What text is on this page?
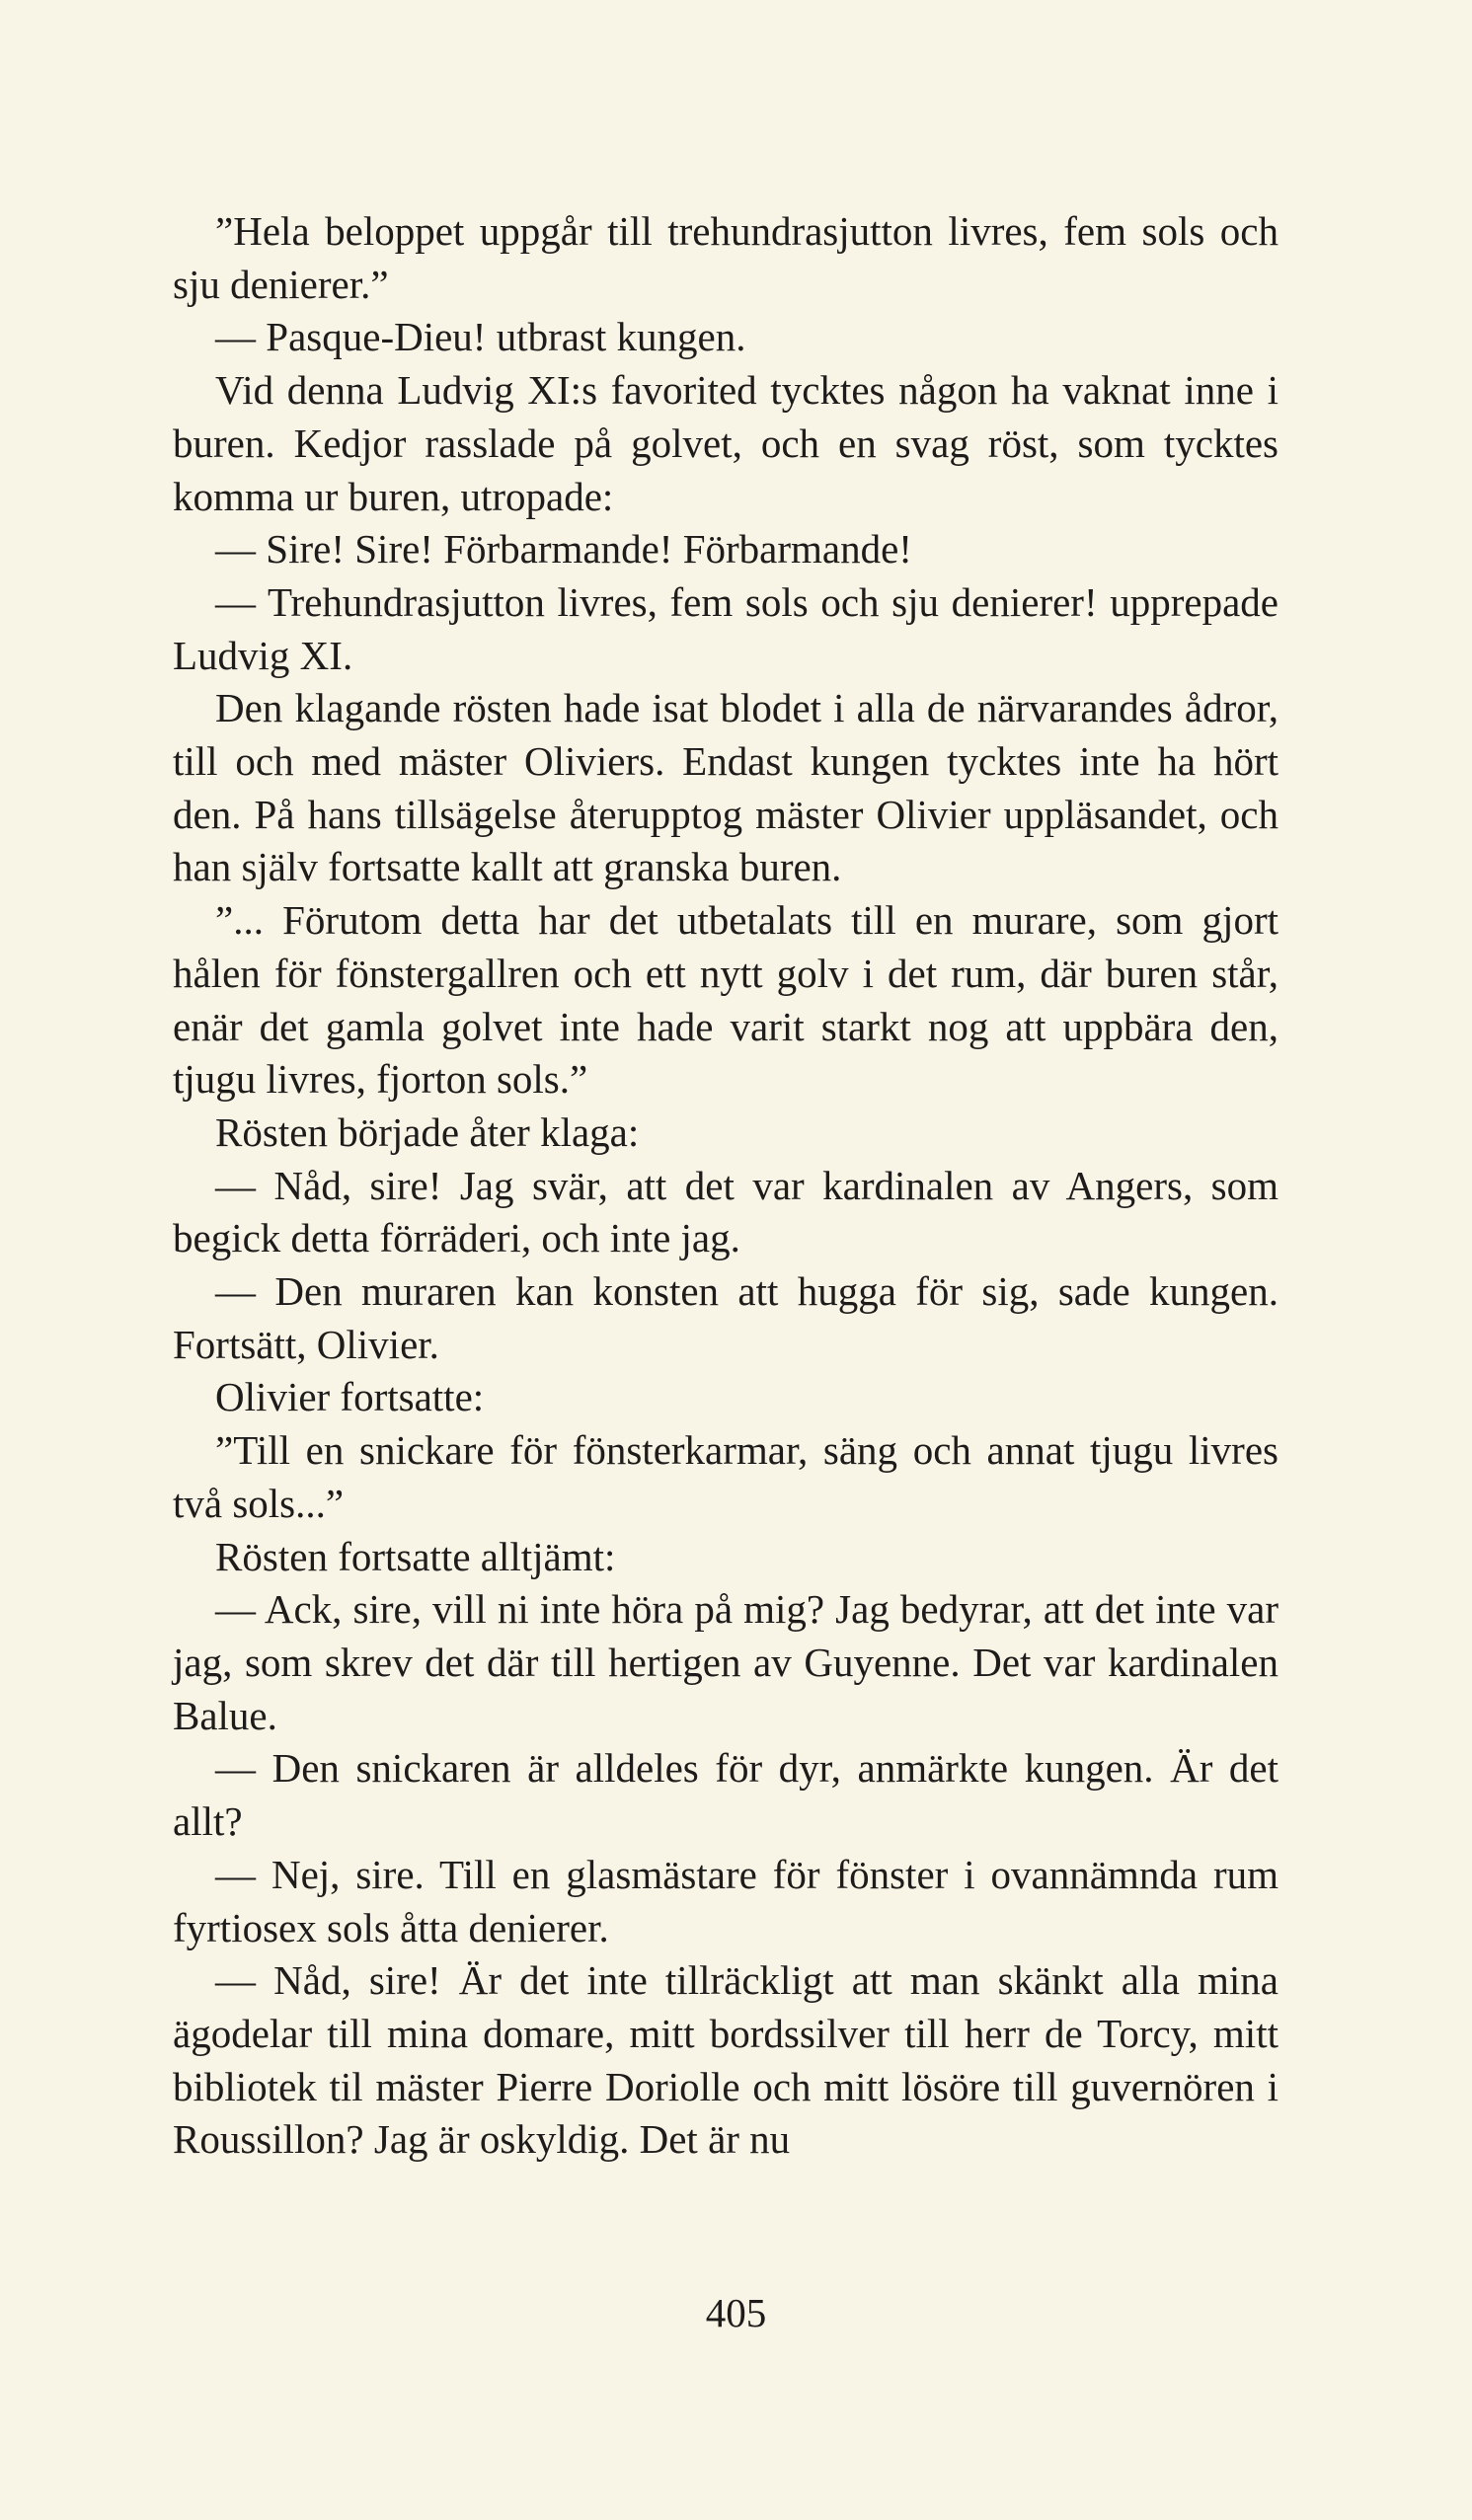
”Hela beloppet uppgår till trehundrasjutton livres, fem sols och sju denierer.”

— Pasque-Dieu! utbrast kungen.

Vid denna Ludvig XI:s favorited tycktes någon ha vaknat inne i buren. Kedjor rasslade på golvet, och en svag röst, som tycktes komma ur buren, utropade:

— Sire! Sire! Förbarmande! Förbarmande!

— Trehundrasjutton livres, fem sols och sju denierer! upprepade Ludvig XI.

Den klagande rösten hade isat blodet i alla de närvarandes ådror, till och med mäster Oliviers. Endast kungen tycktes inte ha hört den. På hans tillsägelse återupptog mäster Olivier uppläsandet, och han själv fortsatte kallt att granska buren.

”... Förutom detta har det utbetalats till en murare, som gjort hålen för fönstergallren och ett nytt golv i det rum, där buren står, enär det gamla golvet inte hade varit starkt nog att uppbära den, tjugu livres, fjorton sols.”

Rösten började åter klaga:

— Nåd, sire! Jag svär, att det var kardinalen av Angers, som begick detta förräderi, och inte jag.

— Den muraren kan konsten att hugga för sig, sade kungen. Fortsätt, Olivier.

Olivier fortsatte:

”Till en snickare för fönsterkarmar, säng och annat tjugu livres två sols...”

Rösten fortsatte alltjämt:

— Ack, sire, vill ni inte höra på mig? Jag bedyrar, att det inte var jag, som skrev det där till hertigen av Guyenne. Det var kardinalen Balue.

— Den snickaren är alldeles för dyr, anmärkte kungen. Är det allt?

— Nej, sire. Till en glasmästare för fönster i ovannämnda rum fyrtiosex sols åtta denierer.

— Nåd, sire! Är det inte tillräckligt att man skänkt alla mina ägodelar till mina domare, mitt bordssilver till herr de Torcy, mitt bibliotek til mäster Pierre Doriolle och mitt lösöre till guvernören i Roussillon? Jag är oskyldig. Det är nu

405
